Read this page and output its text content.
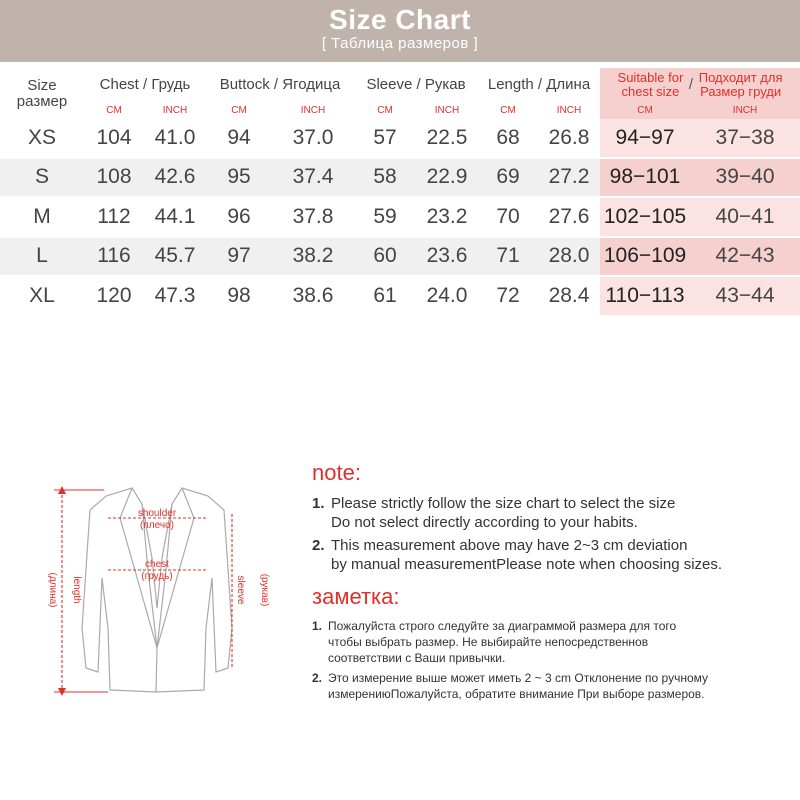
Size Chart
[ Таблица размеров ]
Size
размер	Chest / Грудь		Buttock / Ягодица		Sleeve / Рукав		Length / Длина		Suitable for
chest size / Подходит для
Размер груди	
	CM	INCH	CM	INCH	CM	INCH	CM	INCH	CM	INCH
XS	104	41.0	94	37.0	57	22.5	68	26.8	94−97	37−38

S	108	42.6	95	37.4	58	22.9	69	27.2	98−101	39−40

M	112	44.1	96	37.8	59	23.2	70	27.6	102−105	40−41

L	116	45.7	97	38.2	60	23.6	71	28.0	106−109	42−43

XL	120	47.3	98	38.6	61	24.0	72	28.4	110−113	43−44
shoulder
(плечо)
chest
(грудь)
length
(длина)	sleeve (рукав)
note:
1. Please strictly follow the size chart to select the size
Do not select directly according to your habits.
2. This measurement above may have 2~3 cm deviation
by manual measurementPlease note when choosing sizes.
заметка:
1. Пожалуйста строго следуйте за диаграммой размера для того
чтобы выбрать размер. Не выбирайте непосредственнов
соответствии с Ваши привычки.
2. Это измерение выше может иметь 2 ~ 3 cm Отклонение по ручному
измерениюПожалуйста, обратите внимание При выборе размеров.
